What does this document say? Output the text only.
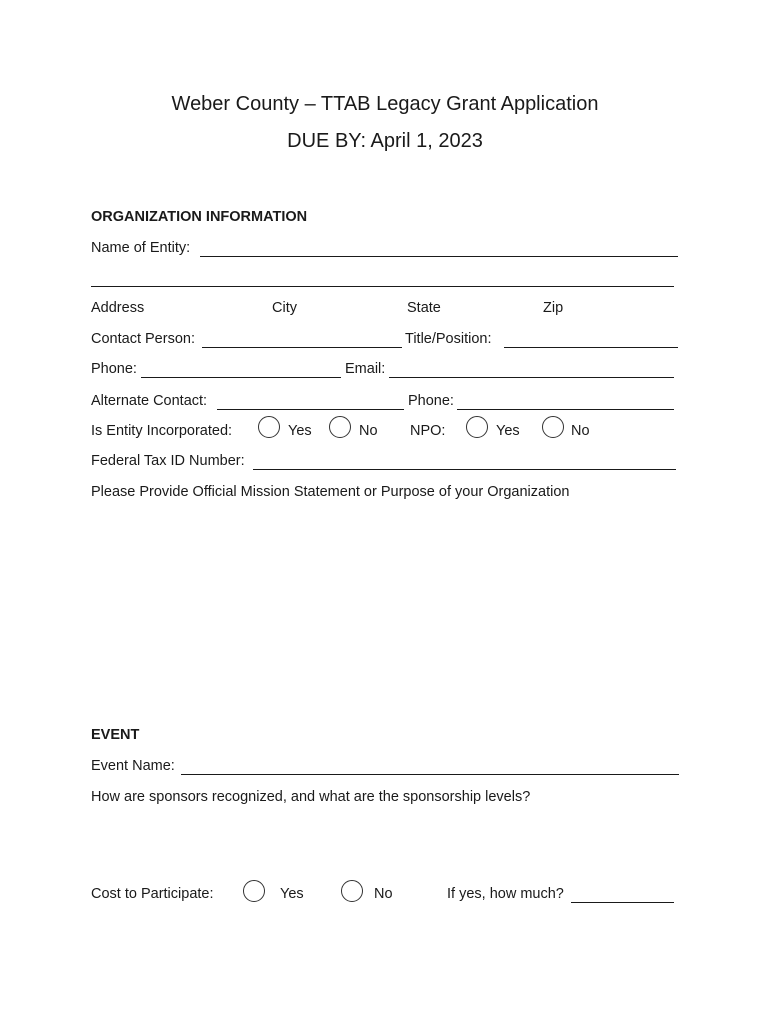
Weber County – TTAB Legacy Grant Application
DUE BY: April 1, 2023
ORGANIZATION INFORMATION
Name of Entity:
Address	City	State	Zip
Contact Person:	Title/Position:
Phone:	Email:
Alternate Contact:	Phone:
Is Entity Incorporated:	Yes	No NPO:	Yes	No
Federal Tax ID Number:
Please Provide Official Mission Statement or Purpose of your Organization
EVENT
Event Name:
How are sponsors recognized, and what are the sponsorship levels?
Cost to Participate:	Yes	No	If yes, how much?
